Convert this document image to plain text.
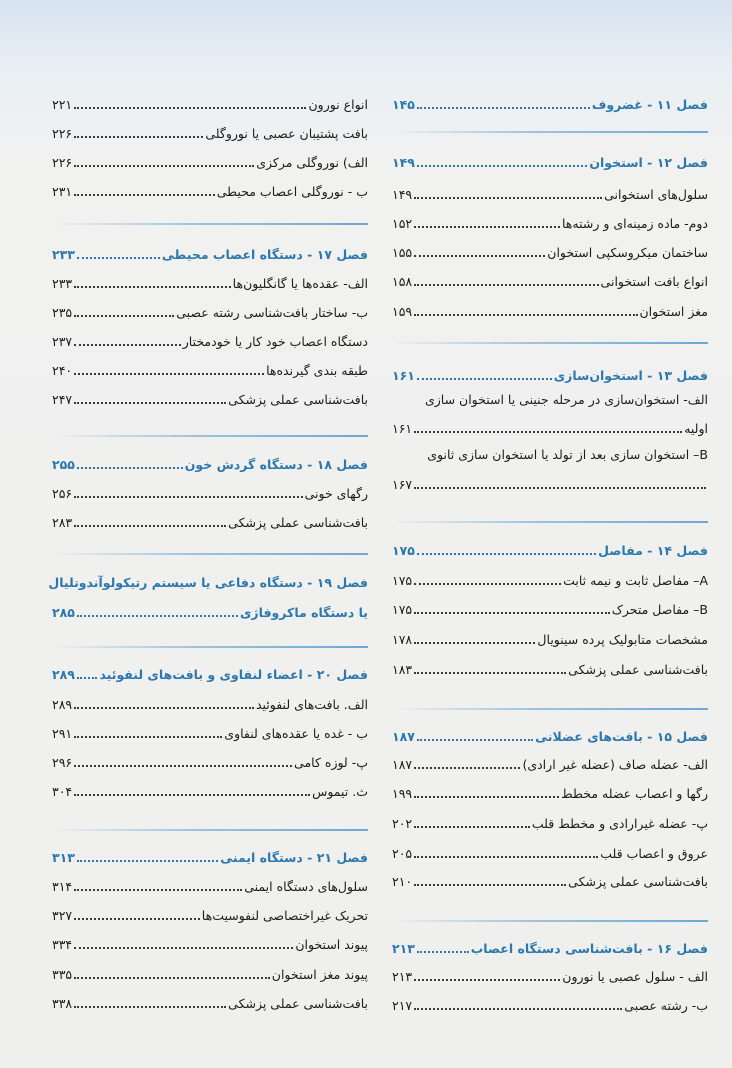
فصل ۱۱ - غضروف
۱۴۵
فصل ۱۲ - استخوان
۱۴۹
سلول‌های استخوانی
۱۴۹
دوم- ماده زمینه‌ای و رشته‌ها
۱۵۲
ساختمان میکروسکپی استخوان
۱۵۵
انواع بافت استخوانی
۱۵۸
مغز استخوان
۱۵۹
فصل ۱۳ - استخوان‌سازی
۱۶۱
الف- استخوان‌سازی در مرحله جنینی یا استخوان سازی
اولیه
۱۶۱
B– استخوان سازی بعد از تولد یا استخوان سازی ثانوی
۱۶۷
فصل ۱۴ - مفاصل
۱۷۵
A– مفاصل ثابت و نیمه ثابت
۱۷۵
B– مفاصل متحرک
۱۷۵
مشخصات متابولیک پرده سینویال
۱۷۸
بافت‌شناسی عملی پزشکی
۱۸۳
فصل ۱۵ - بافت‌های عضلانی
۱۸۷
الف- عضله صاف (عضله غیر ارادی)
۱۸۷
رگها و اعصاب عضله مخطط
۱۹۹
پ- عضله غیرارادی و مخطط قلب
۲۰۲
عروق و اعصاب قلب
۲۰۵
بافت‌شناسی عملی پزشکی
۲۱۰
فصل ۱۶ - بافت‌شناسی دستگاه اعصاب
۲۱۳
الف - سلول عصبی یا نورون
۲۱۳
ب- رشته عصبی
۲۱۷
انواع نورون
۲۲۱
بافت پشتیبان عصبی یا نوروگلی
۲۲۶
الف) نوروگلی مرکزی
۲۲۶
ب - نوروگلی اعصاب محیطی
۲۳۱
فصل ۱۷ - دستگاه اعصاب محیطی
۲۳۳
الف- عقده‌ها یا گانگلیون‌ها
۲۳۳
ب- ساختار بافت‌شناسی رشته عصبی
۲۳۵
دستگاه اعصاب خود کار یا خودمختار
۲۳۷
طبقه بندی گیرنده‌ها
۲۴۰
بافت‌شناسی عملی پزشکی
۲۴۷
فصل ۱۸ - دستگاه گردش خون
۲۵۵
رگهای خونی
۲۵۶
بافت‌شناسی عملی پزشکی
۲۸۳
فصل ۱۹ - دستگاه دفاعی یا سیستم رتیکولوآندوتلیال
یا دستگاه ماکروفاژی
۲۸۵
فصل ۲۰ - اعضاء لنفاوی و بافت‌های لنفوئید
۲۸۹
الف. بافت‌های لنفوئید
۲۸۹
ب - غده یا عقده‌های لنفاوی
۲۹۱
پ- لوزه کامی
۲۹۶
ث. تیموس
۳۰۴
فصل ۲۱ - دستگاه ایمنی
۳۱۳
سلول‌های دستگاه ایمنی
۳۱۴
تحریک غیراختصاصی لنفوسیت‌ها
۳۲۷
پیوند استخوان
۳۳۴
پیوند مغز استخوان
۳۳۵
بافت‌شناسی عملی پزشکی
۳۳۸
